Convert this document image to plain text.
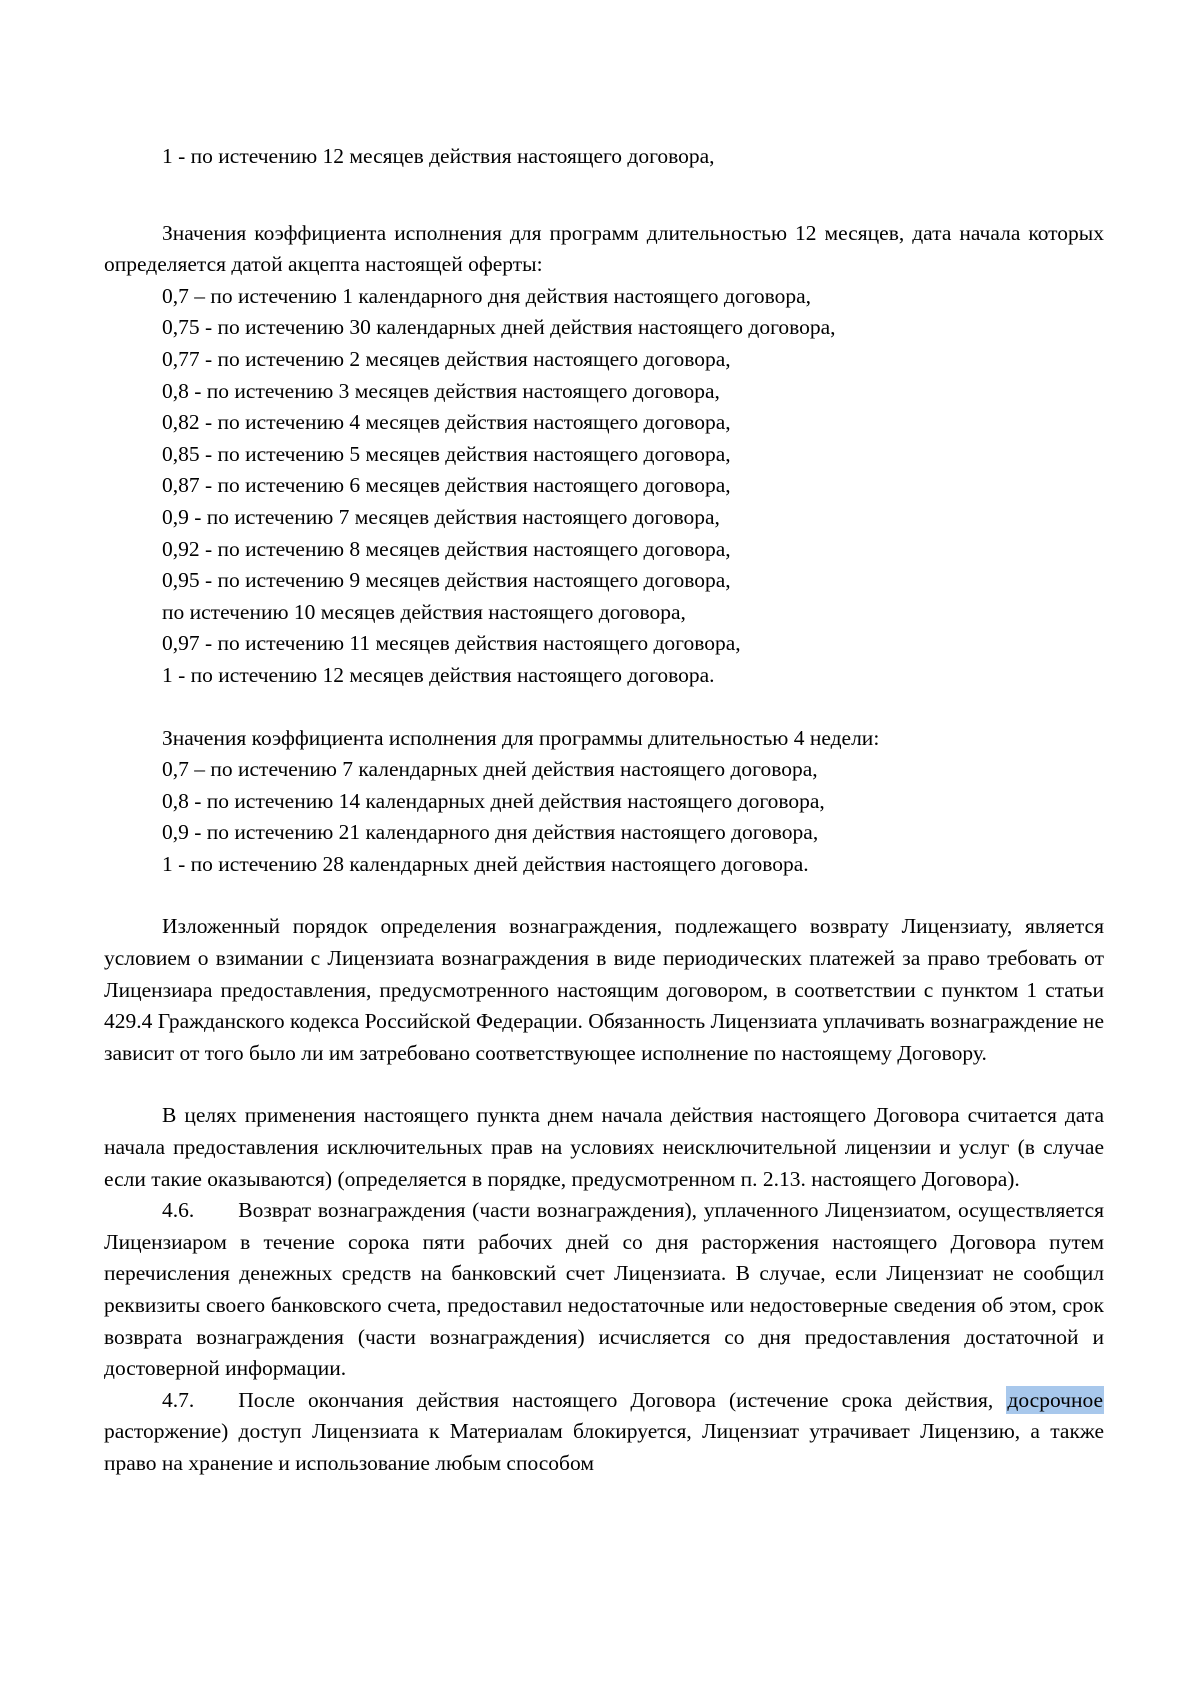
1 - по истечению 12 месяцев действия настоящего договора,

Значения коэффициента исполнения для программ длительностью 12 месяцев, дата начала которых определяется датой акцепта настоящей оферты:

0,7 – по истечению 1 календарного дня действия настоящего договора,

0,75 - по истечению 30 календарных дней действия настоящего договора,

0,77 - по истечению 2 месяцев действия настоящего договора,

0,8 - по истечению 3 месяцев действия настоящего договора,

0,82 - по истечению 4 месяцев действия настоящего договора,

0,85 - по истечению 5 месяцев действия настоящего договора,

0,87 - по истечению 6 месяцев действия настоящего договора,

0,9 - по истечению 7 месяцев действия настоящего договора,

0,92 - по истечению 8 месяцев действия настоящего договора,

0,95 - по истечению 9 месяцев действия настоящего договора,

по истечению 10 месяцев действия настоящего договора,

0,97 - по истечению 11 месяцев действия настоящего договора,

1 - по истечению 12 месяцев действия настоящего договора.

Значения коэффициента исполнения для программы длительностью 4 недели:

0,7 – по истечению 7 календарных дней действия настоящего договора,

0,8 - по истечению 14 календарных дней действия настоящего договора,

0,9 - по истечению 21 календарного дня действия настоящего договора,

1 - по истечению 28 календарных дней действия настоящего договора.

Изложенный порядок определения вознаграждения, подлежащего возврату Лицензиату, является условием о взимании с Лицензиата вознаграждения в виде периодических платежей за право требовать от Лицензиара предоставления, предусмотренного настоящим договором, в соответствии с пунктом 1 статьи 429.4 Гражданского кодекса Российской Федерации. Обязанность Лицензиата уплачивать вознаграждение не зависит от того было ли им затребовано соответствующее исполнение по настоящему Договору.

В целях применения настоящего пункта днем начала действия настоящего Договора считается дата начала предоставления исключительных прав на условиях неисключительной лицензии и услуг (в случае если такие оказываются) (определяется в порядке, предусмотренном п. 2.13. настоящего Договора).

4.6. Возврат вознаграждения (части вознаграждения), уплаченного Лицензиатом, осуществляется Лицензиаром в течение сорока пяти рабочих дней со дня расторжения настоящего Договора путем перечисления денежных средств на банковский счет Лицензиата. В случае, если Лицензиат не сообщил реквизиты своего банковского счета, предоставил недостаточные или недостоверные сведения об этом, срок возврата вознаграждения (части вознаграждения) исчисляется со дня предоставления достаточной и достоверной информации.

4.7. После окончания действия настоящего Договора (истечение срока действия, досрочное расторжение) доступ Лицензиата к Материалам блокируется, Лицензиат утрачивает Лицензию, а также право на хранение и использование любым способом
